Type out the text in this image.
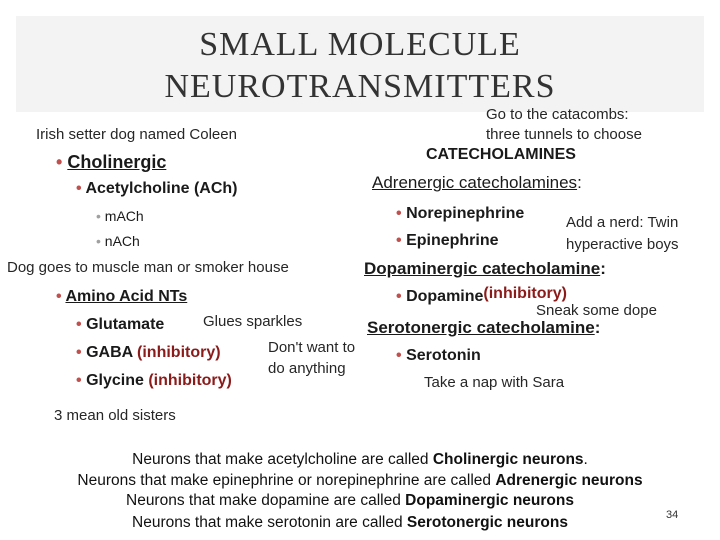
SMALL MOLECULE
NEUROTRANSMITTERS
Go to the catacombs:
three tunnels to choose
Irish setter dog named Coleen
• Cholinergic
• Acetylcholine (ACh)
• mACh
• nACh
Dog goes to muscle man or smoker house
• Amino Acid NTs
• Glutamate	Glues sparkles
• GABA (inhibitory)	Don't want to
do anything
• Glycine (inhibitory)
CATECHOLAMINES
Adrenergic catecholamines:
• Norepinephrine
Add a nerd: Twin
• Epinephrine	hyperactive boys
Dopaminergic catecholamine:
• Dopamine(inhibitory)
Sneak some dope
Serotonergic catecholamine:
• Serotonin
Take a nap with Sara
3 mean old sisters
Neurons that make acetylcholine are called Cholinergic neurons.
Neurons that make epinephrine or norepinephrine are called Adrenergic neurons
Neurons that make dopamine are called Dopaminergic neurons
Neurons that make serotonin are called Serotonergic neurons	34
